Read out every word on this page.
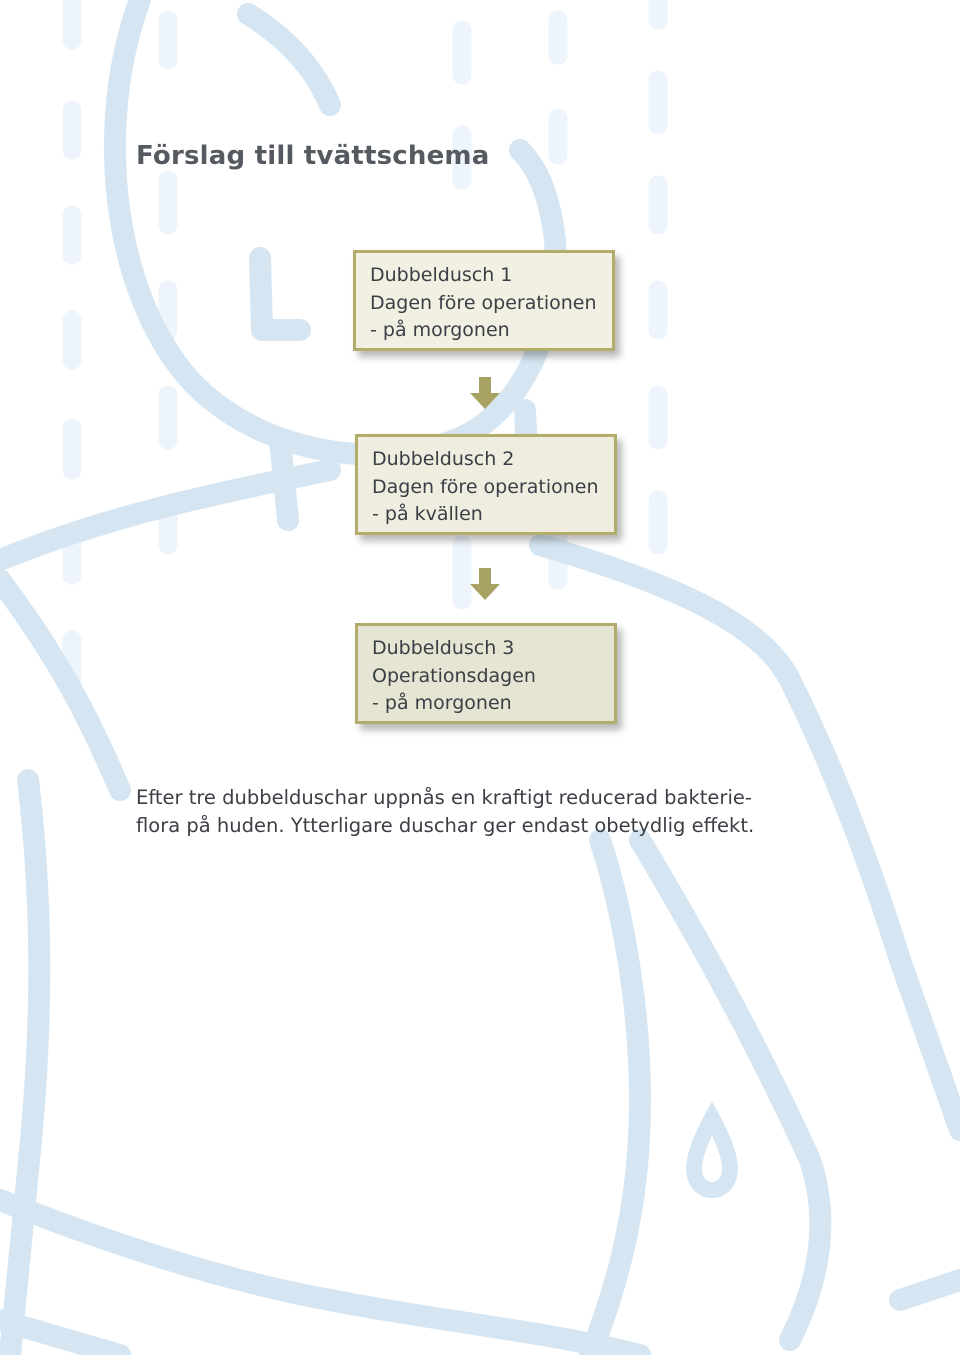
Förslag till tvättschema
Dubbeldusch 1
Dagen före operationen
- på morgonen
Dubbeldusch 2
Dagen före operationen
- på kvällen
Dubbeldusch 3
Operationsdagen
- på morgonen

Efter tre dubbelduschar uppnås en kraftigt reducerad bakterie-
flora på huden. Ytterligare duschar ger endast obetydlig effekt.
